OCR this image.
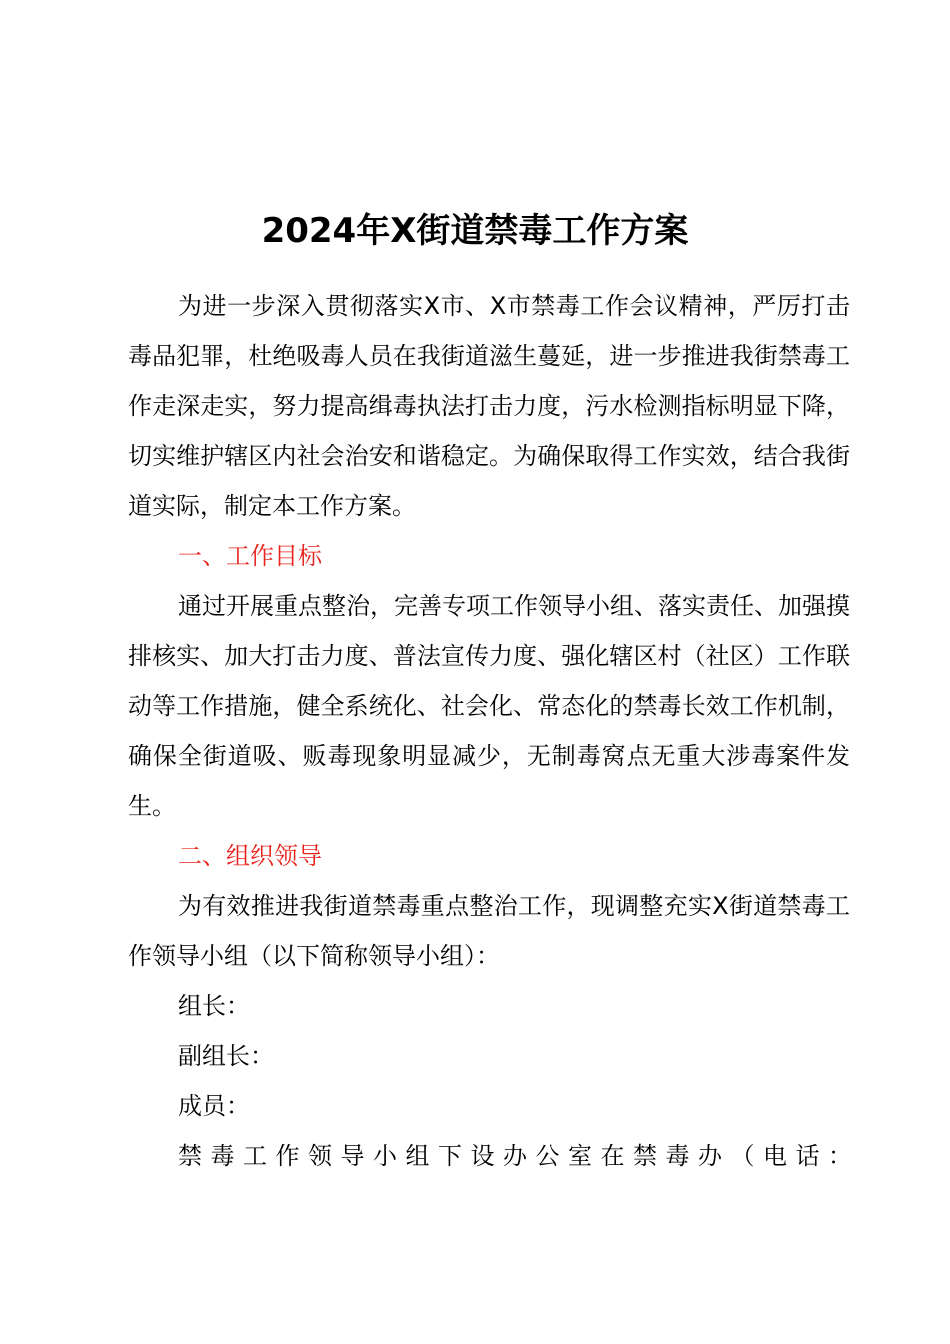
2024年X街道禁毒工作方案

为进一步深入贯彻落实X市、X市禁毒工作会议精神，严厉打击毒品犯罪，杜绝吸毒人员在我街道滋生蔓延，进一步推进我街禁毒工作走深走实，努力提高缉毒执法打击力度，污水检测指标明显下降，切实维护辖区内社会治安和谐稳定。为确保取得工作实效，结合我街道实际，制定本工作方案。

一、工作目标

通过开展重点整治，完善专项工作领导小组、落实责任、加强摸排核实、加大打击力度、普法宣传力度、强化辖区村（社区）工作联动等工作措施，健全系统化、社会化、常态化的禁毒长效工作机制，确保全街道吸、贩毒现象明显减少，无制毒窝点无重大涉毒案件发生。

二、组织领导

为有效推进我街道禁毒重点整治工作，现调整充实X街道禁毒工作领导小组（以下简称领导小组）：

组长：

副组长：

成员：

禁毒工作领导小组下设办公室在禁毒办（电话：
